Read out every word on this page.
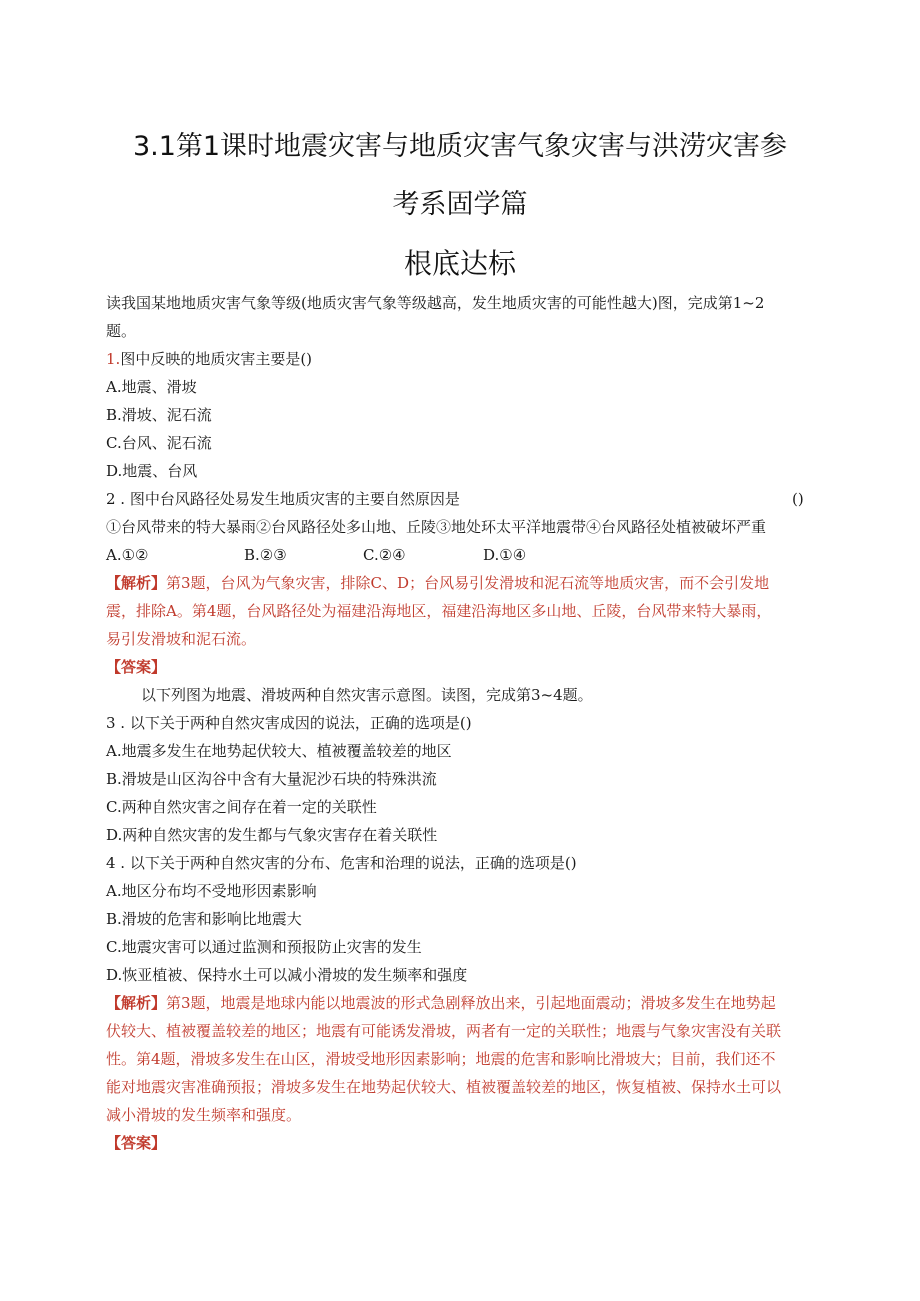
3.1第1课时地震灾害与地质灾害气象灾害与洪涝灾害参
考系固学篇
根底达标
读我国某地地质灾害气象等级(地质灾害气象等级越高，发生地质灾害的可能性越大)图，完成第1~2
题。
1.图中反映的地质灾害主要是()
A.地震、滑坡
B.滑坡、泥石流
C.台风、泥石流
D.地震、台风
2 . 图中台风路径处易发生地质灾害的主要自然原因是	()
①台风带来的特大暴雨②台风路径处多山地、丘陵③地处环太平洋地震带④台风路径处植被破坏严重
A.①②	B.②③	C.②④	D.①④
【解析】第3题，台风为气象灾害，排除C、D；台风易引发滑坡和泥石流等地质灾害，而不会引发地
震，排除A。第4题，台风路径处为福建沿海地区，福建沿海地区多山地、丘陵，台风带来特大暴雨，
易引发滑坡和泥石流。
【答案】
以下列图为地震、滑坡两种自然灾害示意图。读图，完成第3~4题。
3 . 以下关于两种自然灾害成因的说法，正确的选项是()
A.地震多发生在地势起伏较大、植被覆盖较差的地区
B.滑坡是山区沟谷中含有大量泥沙石块的特殊洪流
C.两种自然灾害之间存在着一定的关联性
D.两种自然灾害的发生都与气象灾害存在着关联性
4 . 以下关于两种自然灾害的分布、危害和治理的说法，正确的选项是()
A.地区分布均不受地形因素影响
B.滑坡的危害和影响比地震大
C.地震灾害可以通过监测和预报防止灾害的发生
D.恢亚植被、保持水土可以减小滑坡的发生频率和强度
【解析】第3题，地震是地球内能以地震波的形式急剧释放出来，引起地面震动；滑坡多发生在地势起
伏较大、植被覆盖较差的地区；地震有可能诱发滑坡，两者有一定的关联性；地震与气象灾害没有关联
性。第4题，滑坡多发生在山区，滑坡受地形因素影响；地震的危害和影响比滑坡大；目前，我们还不
能对地震灾害准确预报；滑坡多发生在地势起伏较大、植被覆盖较差的地区，恢复植被、保持水土可以
减小滑坡的发生频率和强度。
【答案】
